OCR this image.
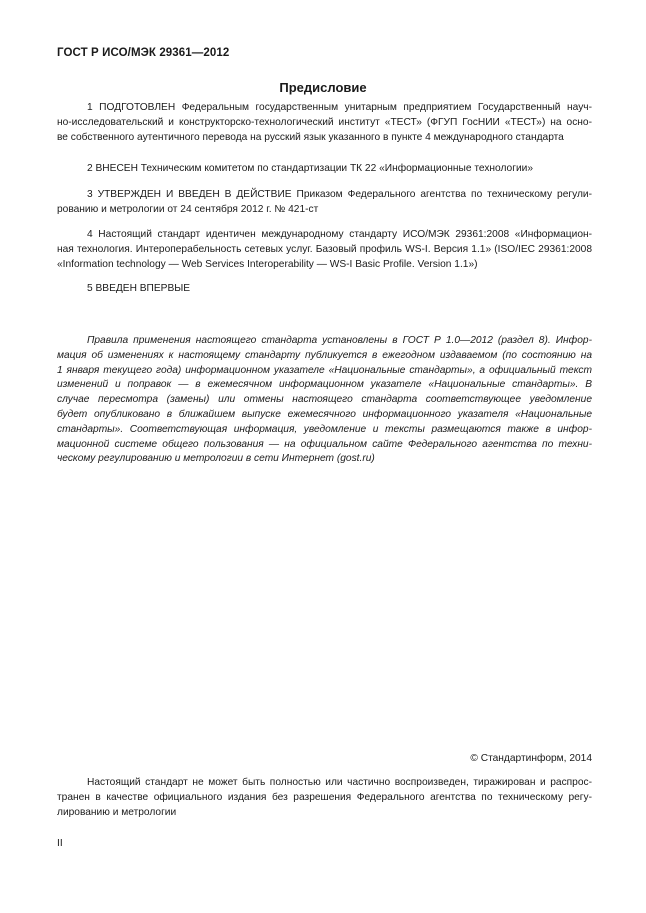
ГОСТ Р ИСО/МЭК 29361—2012
Предисловие
1 ПОДГОТОВЛЕН Федеральным государственным унитарным предприятием Государственный науч-
но-исследовательский и конструкторско-технологический институт «ТЕСТ» (ФГУП ГосНИИ «ТЕСТ») на осно-
ве собственного аутентичного перевода на русский язык указанного в пункте 4 международного стандарта
2 ВНЕСЕН Техническим комитетом по стандартизации ТК 22 «Информационные технологии»
3 УТВЕРЖДЕН И ВВЕДЕН В ДЕЙСТВИЕ Приказом Федерального агентства по техническому регули-
рованию и метрологии от 24 сентября 2012 г. № 421-ст
4 Настоящий стандарт идентичен международному стандарту ИСО/МЭК 29361:2008 «Информацион-
ная технология. Интероперабельность сетевых услуг. Базовый профиль WS-I. Версия 1.1» (ISO/IEC 29361:2008
«Information technology — Web Services Interoperability — WS-I Basic Profile. Version 1.1»)
5 ВВЕДЕН ВПЕРВЫЕ
Правила применения настоящего стандарта установлены в ГОСТ Р 1.0—2012 (раздел 8). Инфор-
мация об изменениях к настоящему стандарту публикуется в ежегодном издаваемом (по состоянию на
1 января текущего года) информационном указателе «Национальные стандарты», а официальный текст
изменений и поправок — в ежемесячном информационном указателе «Национальные стандарты». В
случае пересмотра (замены) или отмены настоящего стандарта соответствующее уведомление
будет опубликовано в ближайшем выпуске ежемесячного информационного указателя «Национальные
стандарты». Соответствующая информация, уведомление и тексты размещаются также в инфор-
мационной системе общего пользования — на официальном сайте Федерального агентства по техни-
ческому регулированию и метрологии в сети Интернет (gost.ru)
© Стандартинформ, 2014
Настоящий стандарт не может быть полностью или частично воспроизведен, тиражирован и распрос-
транен в качестве официального издания без разрешения Федерального агентства по техническому регу-
лированию и метрологии
II
